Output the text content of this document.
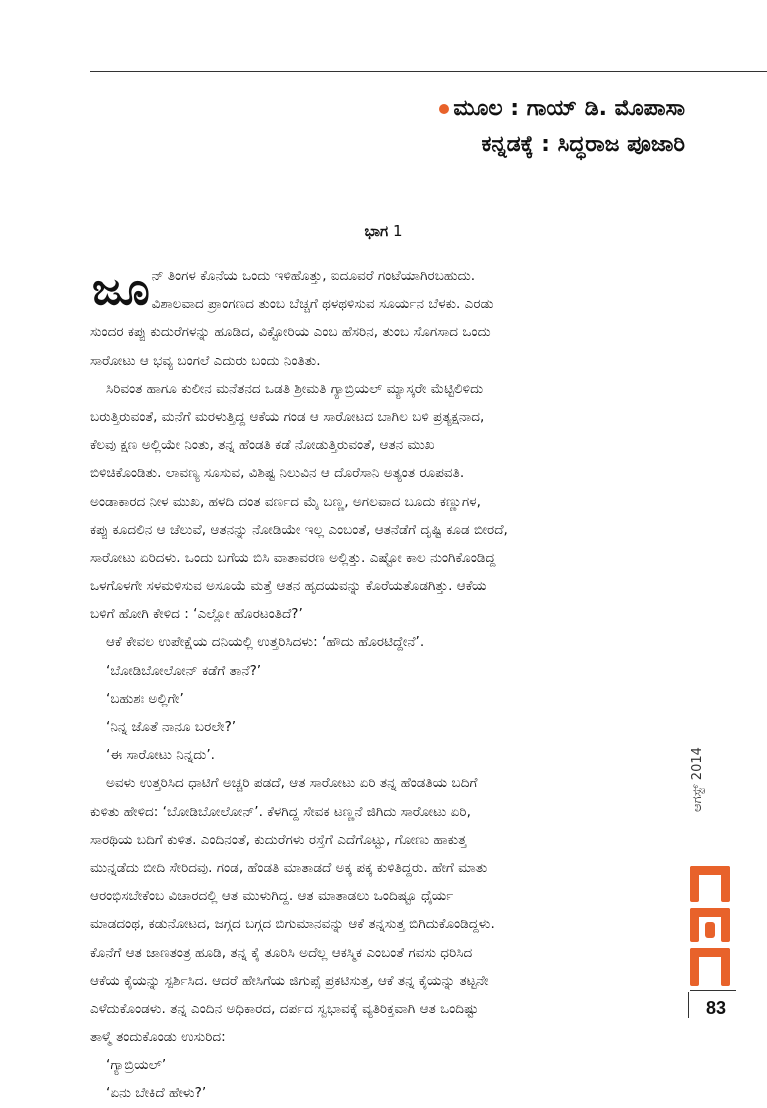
ಮೂಲ : ಗಾಯ್ ಡಿ. ಮೊಪಾಸಾ
ಕನ್ನಡಕ್ಕೆ : ಸಿದ್ಧರಾಜ ಪೂಜಾರಿ
ಭಾಗ 1
ಜೂ ನ್ ತಿಂಗಳ ಕೊನೆಯ ಒಂದು ಇಳಿಹೊತ್ತು, ಐದೂವರೆ ಗಂಟೆಯಾಗಿರಬಹುದು.
ವಿಶಾಲವಾದ ಪ್ರಾಂಗಣದ ತುಂಬ ಬೆಚ್ಚಗೆ ಥಳಥಳಿಸುವ ಸೂರ್ಯನ ಬೆಳಕು. ಎರಡು
ಸುಂದರ ಕಪ್ಪು ಕುದುರೆಗಳನ್ನು ಹೂಡಿದ, ವಿಕ್ಟೋರಿಯ ಎಂಬ ಹೆಸರಿನ, ತುಂಬ ಸೊಗಸಾದ ಒಂದು
ಸಾರೋಟು ಆ ಭವ್ಯ ಬಂಗಲೆ ಎದುರು ಬಂದು ನಿಂತಿತು.
ಸಿರಿವಂತ ಹಾಗೂ ಕುಲೀನ ಮನೆತನದ ಒಡತಿ ಶ್ರೀಮತಿ ಗ್ಯಾಬ್ರಿಯಲ್ ಮ್ಯಾಸ್ಕರೇ ಮೆಟ್ಟಿಲಿಳಿದು
ಬರುತ್ತಿರುವಂತೆ, ಮನೆಗೆ ಮರಳುತ್ತಿದ್ದ ಆಕೆಯ ಗಂಡ ಆ ಸಾರೋಟದ ಬಾಗಿಲ ಬಳಿ ಪ್ರತ್ಯಕ್ಷನಾದ,
ಕೆಲವು ಕ್ಷಣ ಅಲ್ಲಿಯೇ ನಿಂತು, ತನ್ನ ಹೆಂಡತಿ ಕಡೆ ನೋಡುತ್ತಿರುವಂತೆ, ಆತನ ಮುಖ
ಬಿಳಿಚಿಕೊಂಡಿತು. ಲಾವಣ್ಯ ಸೂಸುವ, ವಿಶಿಷ್ಟ ನಿಲುವಿನ ಆ ದೊರೆಸಾನಿ ಅತ್ಯಂತ ರೂಪವತಿ.
ಅಂಡಾಕಾರದ ನೀಳ ಮುಖ, ಹಳದಿ ದಂತ ವರ್ಣದ ಮೈ ಬಣ್ಣ, ಅಗಲವಾದ ಬೂದು ಕಣ್ಣುಗಳ,
ಕಪ್ಪು ಕೂದಲಿನ ಆ ಚೆಲುವೆ, ಆತನನ್ನು ನೋಡಿಯೇ ಇಲ್ಲ ಎಂಬಂತೆ, ಆತನೆಡೆಗೆ ದೃಷ್ಟಿ ಕೂಡ ಬೀರದೆ,
ಸಾರೋಟು ಏರಿದಳು. ಒಂದು ಬಗೆಯ ಬಿಸಿ ವಾತಾವರಣ ಅಲ್ಲಿತ್ತು. ಎಷ್ಟೋ ಕಾಲ ನುಂಗಿಕೊಂಡಿದ್ದ
ಒಳಗೊಳಗೇ ಸಳಮಳಿಸುವ ಅಸೂಯೆ ಮತ್ತೆ ಆತನ ಹೃದಯವನ್ನು ಕೊರೆಯತೊಡಗಿತ್ತು. ಆಕೆಯ
ಬಳಿಗೆ ಹೋಗಿ ಕೇಳಿದ : ‘ಎಲ್ಲೋ ಹೊರಟಂತಿದೆ?’
ಆಕೆ ಕೇವಲ ಉಪೇಕ್ಷೆಯ ದನಿಯಲ್ಲಿ ಉತ್ತರಿಸಿದಳು: ‘ಹೌದು ಹೊರಟಿದ್ದೇನೆ’.
‘ಬೋಡಿಬೋಲೋನ್ ಕಡೆಗೆ ತಾನೆ?’
‘ಬಹುಶಃ ಅಲ್ಲಿಗೇ’
‘ನಿನ್ನ ಜೊತೆ ನಾನೂ ಬರಲೇ?’
‘ಈ ಸಾರೋಟು ನಿನ್ನದು’.
ಅವಳು ಉತ್ತರಿಸಿದ ಧಾಟಿಗೆ ಅಚ್ಚರಿ ಪಡದೆ, ಆತ ಸಾರೋಟು ಏರಿ ತನ್ನ ಹೆಂಡತಿಯ ಬದಿಗೆ
ಕುಳಿತು ಹೇಳಿದ: ‘ಬೋಡಿಬೋಲೋನ್’. ಕೆಳಗಿದ್ದ ಸೇವಕ ಟಣ್ಣನೆ ಜಿಗಿದು ಸಾರೋಟು ಏರಿ,
ಸಾರಥಿಯ ಬದಿಗೆ ಕುಳಿತ. ಎಂದಿನಂತೆ, ಕುದುರೆಗಳು ರಸ್ತೆಗೆ ಎದೆಗೊಟ್ಟು, ಗೋಣು ಹಾಕುತ್ತ
ಮುನ್ನಡೆದು ಬೀದಿ ಸೇರಿದವು. ಗಂಡ, ಹೆಂಡತಿ ಮಾತಾಡದೆ ಅಕ್ಕ ಪಕ್ಕ ಕುಳಿತಿದ್ದರು. ಹೇಗೆ ಮಾತು
ಆರಂಭಿಸಬೇಕೆಂಬ ವಿಚಾರದಲ್ಲಿ ಆತ ಮುಳುಗಿದ್ದ. ಆತ ಮಾತಾಡಲು ಒಂದಿಷ್ಟೂ ಧೈರ್ಯ
ಮಾಡದಂಥ, ಕಡುನೋಟದ, ಜಗ್ಗದ ಬಗ್ಗದ ಬಿಗುಮಾನವನ್ನು ಆಕೆ ತನ್ನಸುತ್ತ ಬಿಗಿದುಕೊಂಡಿದ್ದಳು.
ಕೊನೆಗೆ ಆತ ಜಾಣತಂತ್ರ ಹೂಡಿ, ತನ್ನ ಕೈ ತೂರಿಸಿ ಅದೆಲ್ಲ ಆಕಸ್ಮಿಕ ಎಂಬಂತೆ ಗವಸು ಧರಿಸಿದ
ಆಕೆಯ ಕೈಯನ್ನು ಸ್ಪರ್ಶಿಸಿದ. ಆದರೆ ಹೇಸಿಗೆಯ ಜಿಗುಪ್ಸೆ ಪ್ರಕಟಿಸುತ್ತ, ಆಕೆ ತನ್ನ ಕೈಯನ್ನು ತಟ್ಟನೇ
ಎಳೆದುಕೊಂಡಳು. ತನ್ನ ಎಂದಿನ ಅಧಿಕಾರದ, ದರ್ಪದ ಸ್ವಭಾವಕ್ಕೆ ವ್ಯತಿರಿಕ್ತವಾಗಿ ಆತ ಒಂದಿಷ್ಟು
ತಾಳ್ಮೆ ತಂದುಕೊಂಡು ಉಸುರಿದ:
‘ಗ್ಯಾಬ್ರಿಯಲ್’
‘ಏನು ಬೇಕಿದೆ ಹೇಳು?’
ಆಗಸ್ಟ್ 2014
83
